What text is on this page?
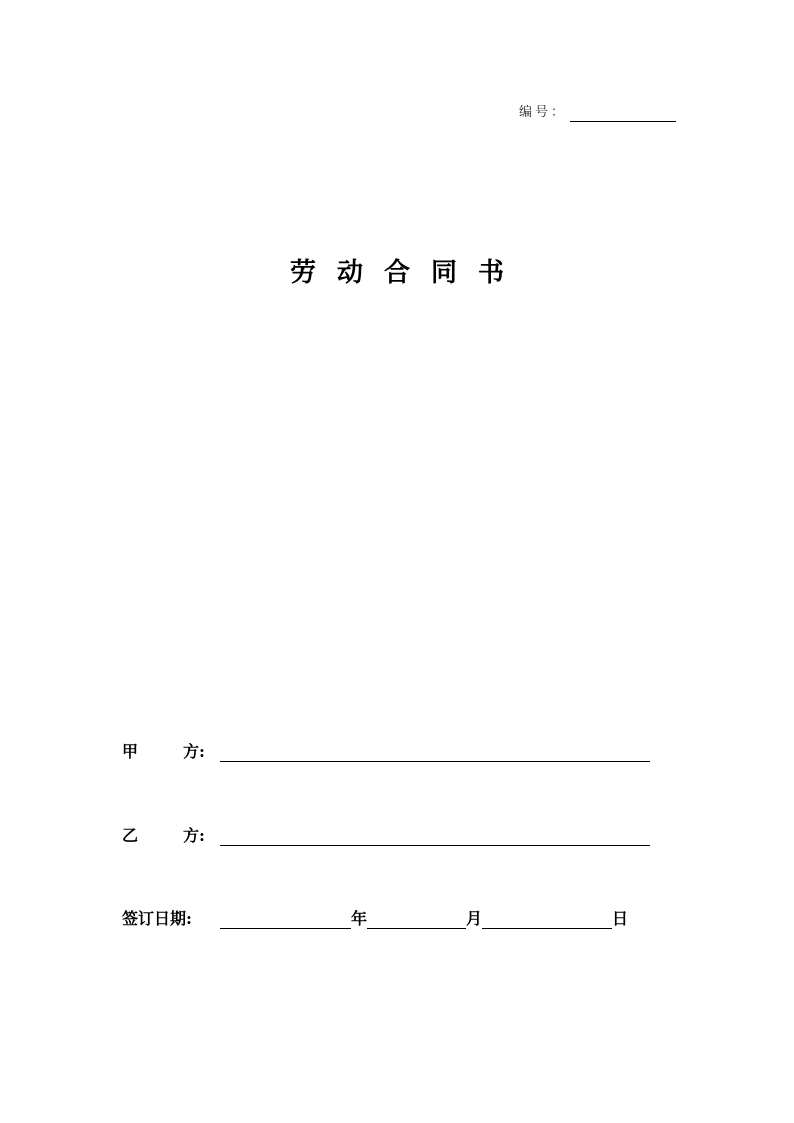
编号：
劳动合同书
甲	方:
乙	方:
签订日期:	年	月	日
